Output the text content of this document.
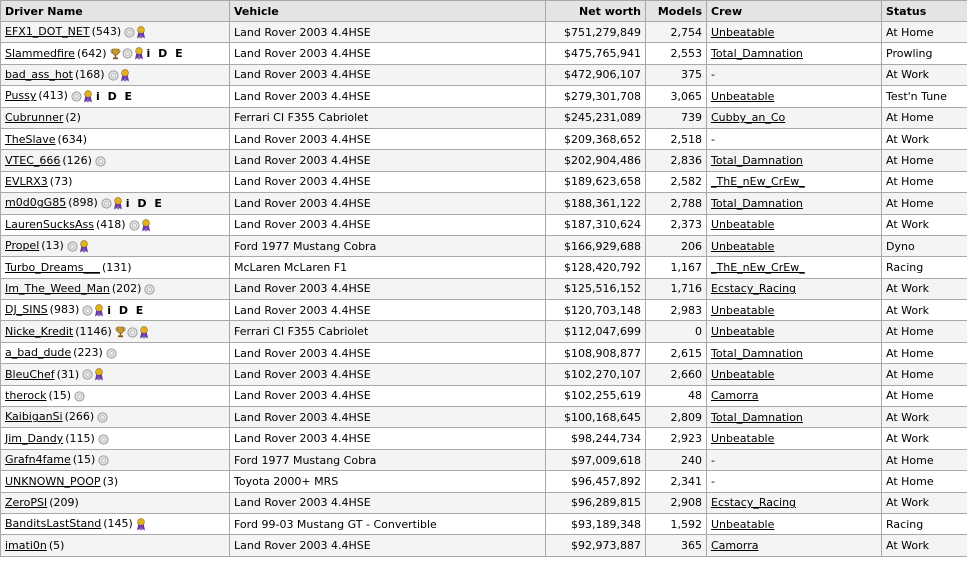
Driver Name	Vehicle	Net worth	Models	Crew	Status
EFX1_DOT_NET (543)	Land Rover 2003 4.4HSE	$751,279,849	2,754	Unbeatable	At Home
Slammedfire (642) i D E	Land Rover 2003 4.4HSE	$475,765,941	2,553	Total_Damnation	Prowling
bad_ass_hot (168)	Land Rover 2003 4.4HSE	$472,906,107	375	-	At Work
Pussy (413) i D E	Land Rover 2003 4.4HSE	$279,301,708	3,065	Unbeatable	Test'n Tune
Cubrunner (2)	Ferrari CI F355 Cabriolet	$245,231,089	739	Cubby_an_Co	At Home
TheSlave (634)	Land Rover 2003 4.4HSE	$209,368,652	2,518	-	At Work
VTEC_666 (126)	Land Rover 2003 4.4HSE	$202,904,486	2,836	Total_Damnation	At Home
EVLRX3 (73)	Land Rover 2003 4.4HSE	$189,623,658	2,582	_ThE_nEw_CrEw_	At Home
m0d0gG85 (898) i D E	Land Rover 2003 4.4HSE	$188,361,122	2,788	Total_Damnation	At Home
LaurenSucksAss (418)	Land Rover 2003 4.4HSE	$187,310,624	2,373	Unbeatable	At Work
Propel (13)	Ford 1977 Mustang Cobra	$166,929,688	206	Unbeatable	Dyno
Turbo_Dreams___ (131)	McLaren McLaren F1	$128,420,792	1,167	_ThE_nEw_CrEw_	Racing
Im_The_Weed_Man (202)	Land Rover 2003 4.4HSE	$125,516,152	1,716	Ecstacy_Racing	At Work
DJ_SINS (983) i D E	Land Rover 2003 4.4HSE	$120,703,148	2,983	Unbeatable	At Work
Nicke_Kredit (1146)	Ferrari CI F355 Cabriolet	$112,047,699	0	Unbeatable	At Home
a_bad_dude (223)	Land Rover 2003 4.4HSE	$108,908,877	2,615	Total_Damnation	At Home
BleuChef (31)	Land Rover 2003 4.4HSE	$102,270,107	2,660	Unbeatable	At Home
therock (15)	Land Rover 2003 4.4HSE	$102,255,619	48	Camorra	At Home
KaibiganSi (266)	Land Rover 2003 4.4HSE	$100,168,645	2,809	Total_Damnation	At Work
Jim_Dandy (115)	Land Rover 2003 4.4HSE	$98,244,734	2,923	Unbeatable	At Work
Grafn4fame (15)	Ford 1977 Mustang Cobra	$97,009,618	240	-	At Home
UNKNOWN_POOP (3)	Toyota 2000+ MRS	$96,457,892	2,341	-	At Home
ZeroPSI (209)	Land Rover 2003 4.4HSE	$96,289,815	2,908	Ecstacy_Racing	At Work
BanditsLastStand (145)	Ford 99-03 Mustang GT - Convertible	$93,189,348	1,592	Unbeatable	Racing
imati0n (5)	Land Rover 2003 4.4HSE	$92,973,887	365	Camorra	At Work
